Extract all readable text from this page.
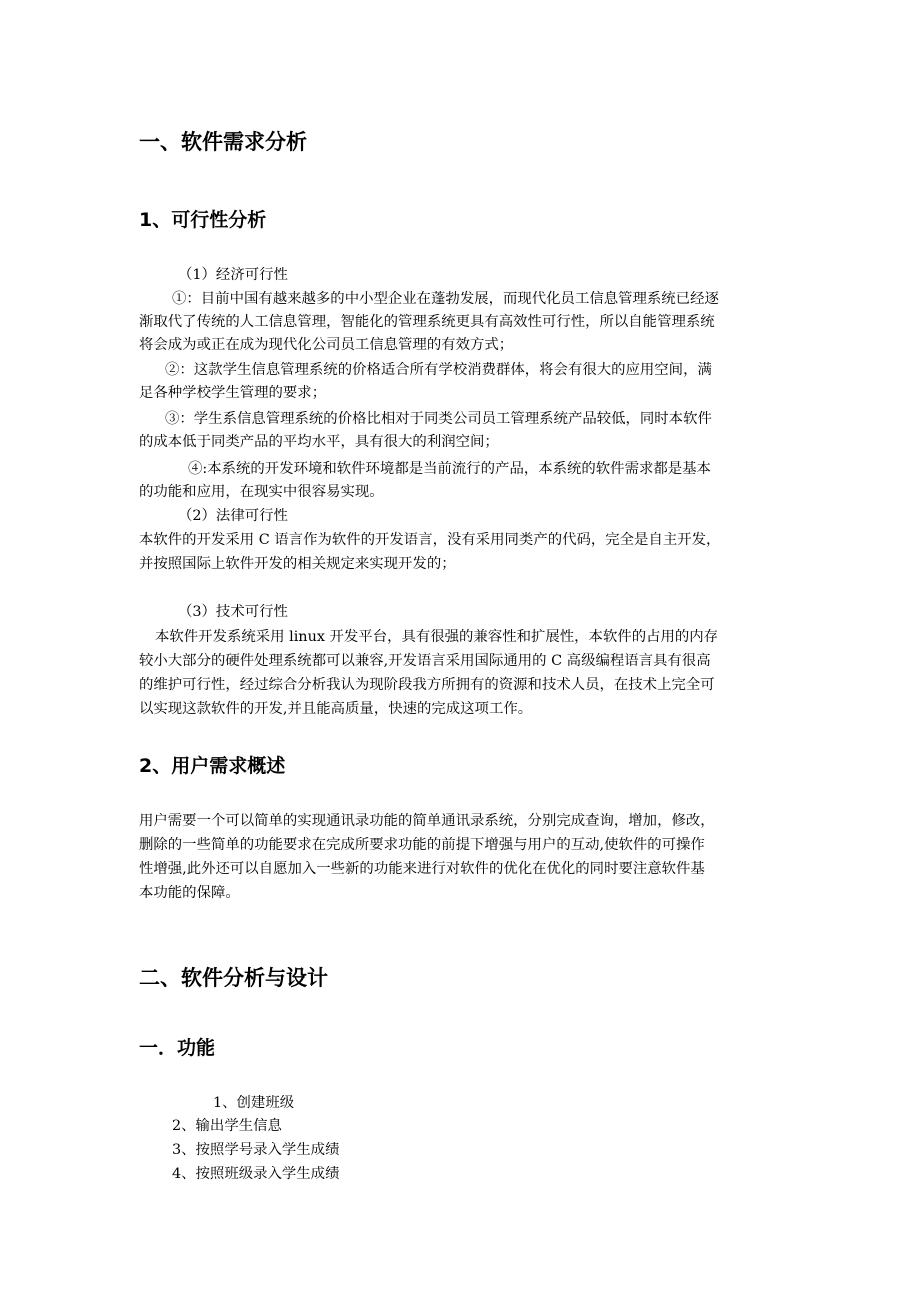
一、软件需求分析
1、可行性分析

（1）经济可行性

①：目前中国有越来越多的中小型企业在蓬勃发展，而现代化员工信息管理系统已经逐

渐取代了传统的人工信息管理，智能化的管理系统更具有高效性可行性，所以自能管理系统

将会成为或正在成为现代化公司员工信息管理的有效方式；

②：这款学生信息管理系统的价格适合所有学校消费群体，将会有很大的应用空间，满

足各种学校学生管理的要求；

③：学生系信息管理系统的价格比相对于同类公司员工管理系统产品较低，同时本软件

的成本低于同类产品的平均水平，具有很大的利润空间；

④:本系统的开发环境和软件环境都是当前流行的产品，本系统的软件需求都是基本

的功能和应用，在现实中很容易实现。

（2）法律可行性

本软件的开发采用 C 语言作为软件的开发语言，没有采用同类产的代码，完全是自主开发，

并按照国际上软件开发的相关规定来实现开发的；

（3）技术可行性

本软件开发系统采用 linux 开发平台，具有很强的兼容性和扩展性，本软件的占用的内存

较小大部分的硬件处理系统都可以兼容,开发语言采用国际通用的 C 高级编程语言具有很高

的维护可行性，经过综合分析我认为现阶段我方所拥有的资源和技术人员，在技术上完全可

以实现这款软件的开发,并且能高质量，快速的完成这项工作。

2、用户需求概述

用户需要一个可以简单的实现通讯录功能的简单通讯录系统，分别完成查询，增加，修改，

删除的一些简单的功能要求在完成所要求功能的前提下增强与用户的互动,使软件的可操作

性增强,此外还可以自愿加入一些新的功能来进行对软件的优化在优化的同时要注意软件基

本功能的保障。

二、软件分析与设计
一．功能

1、创建班级

2、输出学生信息

3、按照学号录入学生成绩

4、按照班级录入学生成绩
